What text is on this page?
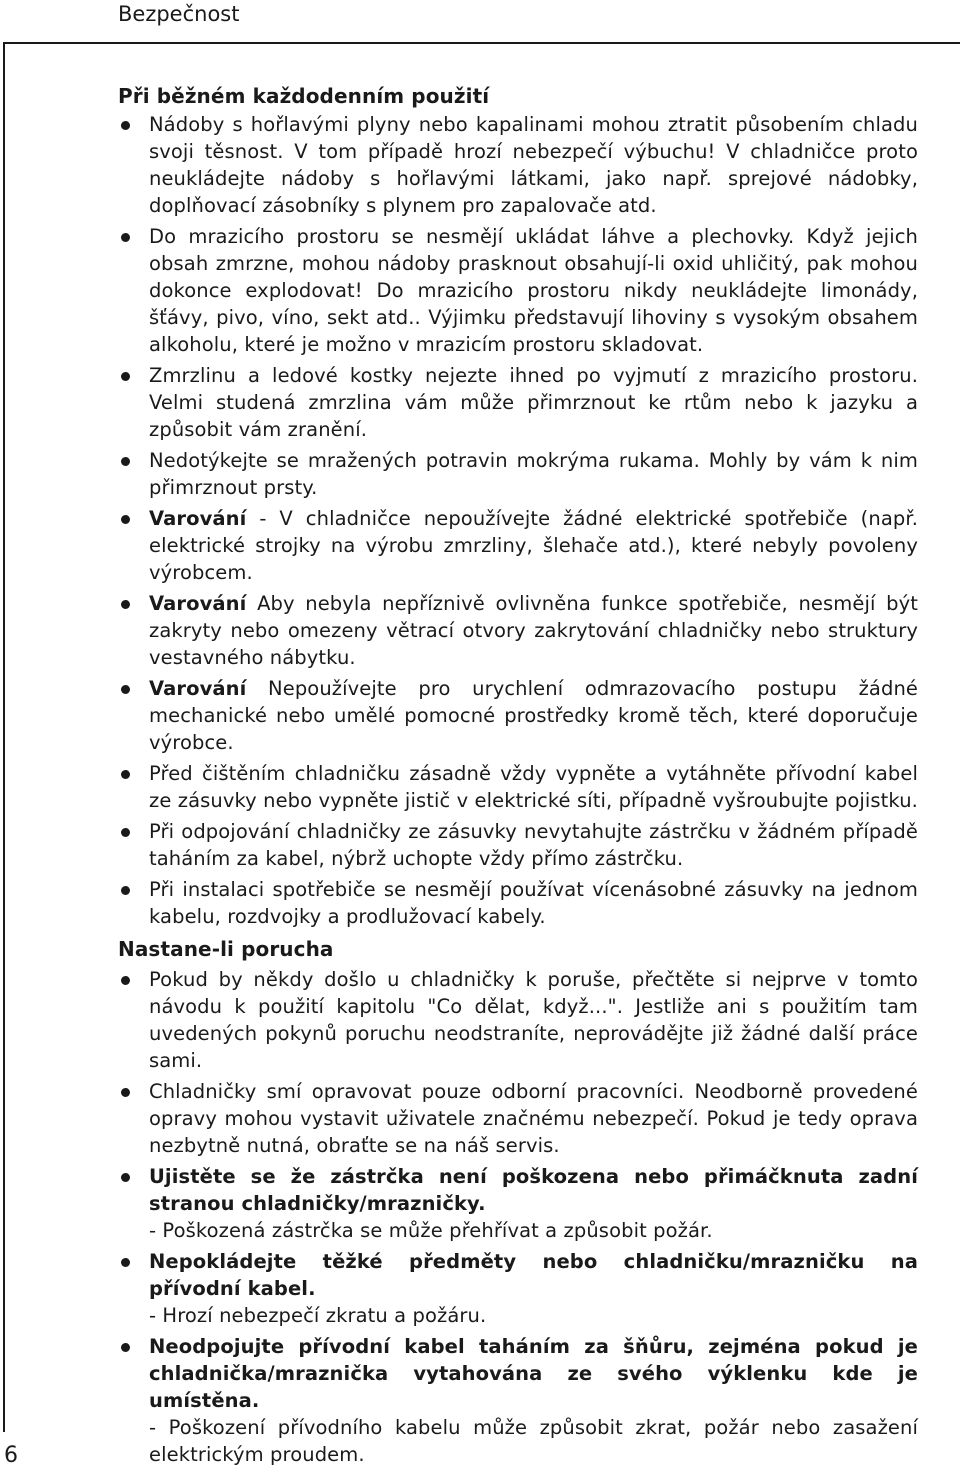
Bezpečnost
6
Při běžném každodenním použití
Nádoby s hořlavými plyny nebo kapalinami mohou ztratit působením chladu svoji těsnost. V tom případě hrozí nebezpečí výbuchu! V chladničce proto neukládejte nádoby s hořlavými látkami, jako např. sprejové nádobky, doplňovací zásobníky s plynem pro zapalovače atd.
Do mrazicího prostoru se nesmějí ukládat láhve a plechovky. Když jejich obsah zmrzne, mohou nádoby prasknout obsahují-li oxid uhličitý, pak mohou dokonce explodovat! Do mrazicího prostoru nikdy neukládejte limonády, šťávy, pivo, víno, sekt atd.. Výjimku představují lihoviny s vysokým obsahem alkoholu, které je možno v mrazicím prostoru skladovat.
Zmrzlinu a ledové kostky nejezte ihned po vyjmutí z mrazicího prostoru. Velmi studená zmrzlina vám může přimrznout ke rtům nebo k jazyku a způsobit vám zranění.
Nedotýkejte se mražených potravin mokrýma rukama. Mohly by vám k nim přimrznout prsty.
Varování - V chladničce nepoužívejte žádné elektrické spotřebiče (např. elektrické strojky na výrobu zmrzliny, šlehače atd.), které nebyly povoleny výrobcem.
Varování Aby nebyla nepříznivě ovlivněna funkce spotřebiče, nesmějí být zakryty nebo omezeny větrací otvory zakrytování chladničky nebo struktury vestavného nábytku.
Varování Nepoužívejte pro urychlení odmrazovacího postupu žádné mechanické nebo umělé pomocné prostředky kromě těch, které doporučuje výrobce.
Před čištěním chladničku zásadně vždy vypněte a vytáhněte přívodní kabel ze zásuvky nebo vypněte jistič v elektrické síti, případně vyšroubujte pojistku.
Při odpojování chladničky ze zásuvky nevytahujte zástrčku v žádném případě taháním za kabel, nýbrž uchopte vždy přímo zástrčku.
Při instalaci spotřebiče se nesmějí používat vícenásobné zásuvky na jednom kabelu, rozdvojky a prodlužovací kabely.
Nastane-li porucha
Pokud by někdy došlo u chladničky k poruše, přečtěte si nejprve v tomto návodu k použití kapitolu "Co dělat, když...". Jestliže ani s použitím tam uvedených pokynů poruchu neodstraníte, neprovádějte již žádné další práce sami.
Chladničky smí opravovat pouze odborní pracovníci. Neodborně provedené opravy mohou vystavit uživatele značnému nebezpečí. Pokud je tedy oprava nezbytně nutná, obraťte se na náš servis.
Ujistěte se že zástrčka není poškozena nebo přimáčknuta zadní stranou chladničky/mrazničky.
- Poškozená zástrčka se může přehřívat a způsobit požár.
Nepokládejte těžké předměty nebo chladničku/mrazničku na přívodní kabel.
- Hrozí nebezpečí zkratu a požáru.
Neodpojujte přívodní kabel taháním za šňůru, zejména pokud je chladnička/mraznička vytahována ze svého výklenku kde je umístěna.
- Poškození přívodního kabelu může způsobit zkrat, požár nebo zasažení elektrickým proudem.
